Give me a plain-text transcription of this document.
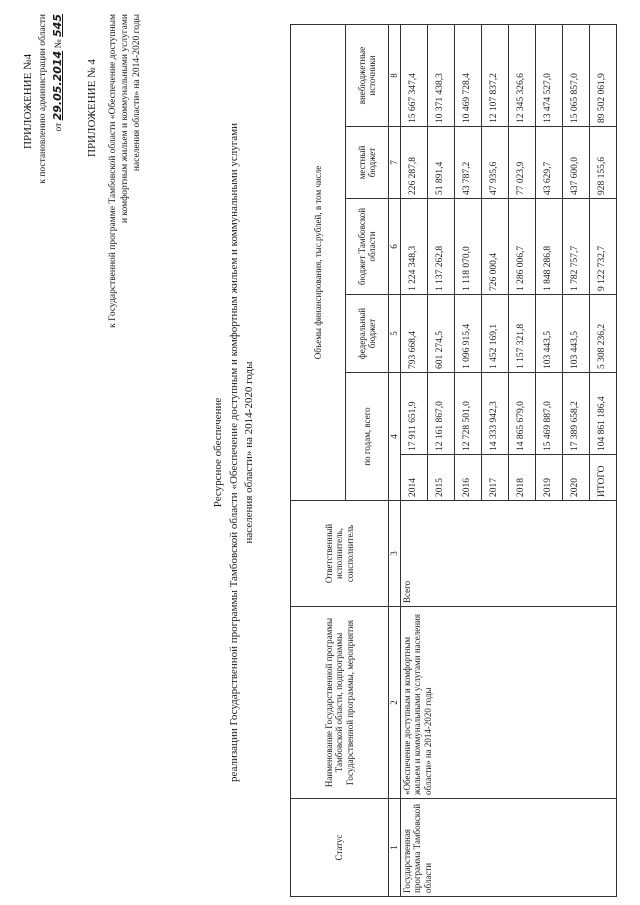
ПРИЛОЖЕНИЕ №4 к постановлению администрации области от 29.05.2014 № 545
ПРИЛОЖЕНИЕ № 4 к Государственной программе Тамбовской области «Обеспечение доступным и комфортным жильем и коммунальными услугами населения области» на 2014-2020 годы
Ресурсное обеспечение реализации Государственной программы Тамбовской области «Обеспечение доступным и комфортным жильем и коммунальными услугами населения области» на 2014-2020 годы
Статус	Наименование Государственной программы Тамбовской области, подпрограммы Государственной программы, мероприятия	Ответственный исполнитель, соисполнитель	Объемы финансирования, тыс.рублей, в том числе					
			по годам, всего		федеральный бюджет	бюджет Тамбовской области	местный бюджет	внебюджетные источники
1	2	3	4		5	6	7	8
Государственная программа Тамбовской области	«Обеспечение доступным и комфортным жильем и коммунальными услугами населения области» на 2014-2020 годы	Всего	2014	17 911 651,9	793 668,4	1 224 348,3	226 287,8	15 667 347,4
			2015	12 161 867,0	601 274,5	1 137 262,8	51 891,4	10 371 438,3
			2016	12 728 501,0	1 096 915,4	1 118 070,0	43 787,2	10 469 728,4
			2017	14 333 942,3	1 452 169,1	726 000,4	47 935,6	12 107 837,2
			2018	14 865 679,0	1 157 321,8	1 286 006,7	77 023,9	12 345 326,6
			2019	15 469 887,0	103 443,5	1 848 286,8	43 629,7	13 474 527,0
			2020	17 389 658,2	103 443,5	1 782 757,7	437 600,0	15 065 857,0
			ИТОГО	104 861 186,4	5 308 236,2	9 122 732,7	928 155,6	89 502 061,9
